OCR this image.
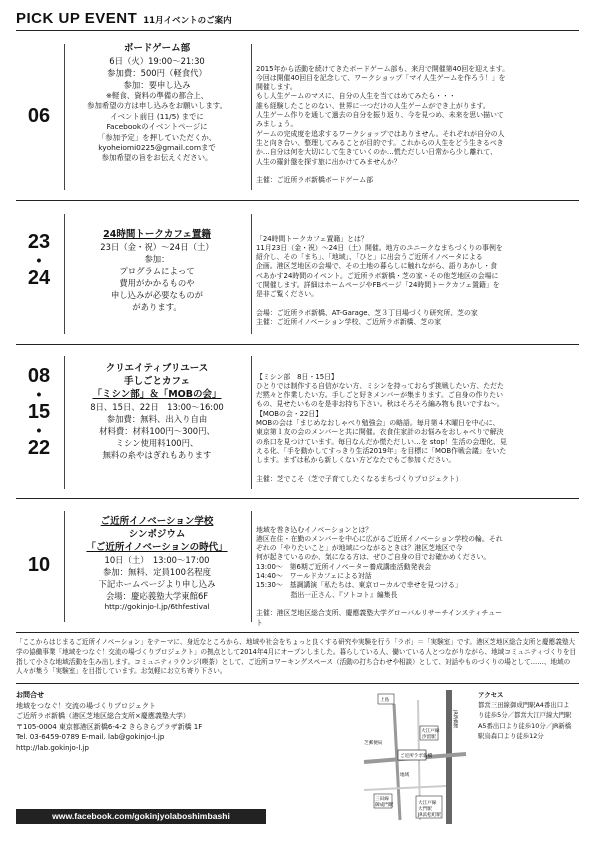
PICK UP EVENT 11月イベントのご案内
06
ボードゲーム部
6日（火）19:00～21:30
参加費：500円（軽食代）
参加：要申し込み
※軽食、資料の準備の都合上、
参加希望の方は申し込みをお願いします。
イベント前日 (11/5) までに
Facebookのイベントページに
「参加予定」を押していただくか、
kyoheiomi0225@gmail.comまで
参加希望の旨をお伝えください。

2015年から活動を続けてきたボードゲーム部も、来月で開催第40回を迎えます。
今回は開催40回目を記念して、ワークショップ「マイ人生ゲームを作ろう！」を
開催します。
もし人生ゲームのマスに、自分の人生を当てはめてみたら・・・
誰も経験したことのない、世界に一つだけの人生ゲームができ上がります。
人生ゲーム作りを通して過去の自分を振り返り、今を見つめ、未来を思い描いて
みましょう。
ゲームの完成度を追求するワークショップではありません。それぞれが自分の人
生と向き合い、整理してみることが目的です。これからの人生をどう生きるべき
か…自分は何を大切にして生きていくのか…慌ただしい日常から少し離れて、
人生の羅針盤を探す旅に出かけてみませんか？

主催：ご近所ラボ新橋ボードゲーム部

23
•
24
24時間トークカフェ置籍
23日（金・祝）～24日（土）
参加：
プログラムによって
費用がかかるものや
申し込みが必要なものが
があります。

「24時間トークカフェ置籍」とは？
11月23日（金・祝）～24日（土）開催。地方のユニークなまちづくりの事例を
紹介し、その「まち」、「地域」、「ひと」に出会うご近所イノベータによる
企画。港区芝地区の会場で、その土地の暮らしに触れながら、語りあかし・食
べあかす24時間のイベント。ご近所ラボ新橋・芝の家・その他芝地区の会場に
て開催します。詳細はホームページやFBページ「24時間トークカフェ置籍」を
是非ご覧ください。

会場：ご近所ラボ新橋、AT-Garage、芝３丁目場づくり研究所、芝の家
主催：ご近所イノベーション学校、ご近所ラボ新橋、芝の家

08
•
15
•
22
クリエイティブリユース
手しごとカフェ
「ミシン部」＆「MOBの会」
8日、15日、22日　13:00～16:00
参加費：無料、出入り自由
材料費：材料100円～300円、
ミシン使用料100円、
無料の糸やはぎれもあります

【ミシン部　8日・15日】
ひとりでは制作する自信がない方、ミシンを持っておらず挑戦したい方、ただた
だ黙々と作業したい方。手しごと好きメンバーが集まります。ご自身の作りたい
もの、見せたいものを是非お持ち下さい。秋はそろそろ編み物も良いですね～。
【MOBの会・22日】
MOBの会は「まじめなおしゃべり勉強会」の略語。毎月第４木曜日を中心に、
東京第１友の会のメンバーと共に開催。衣食住家計のお悩みをおしゃべりで解決
の糸口を見つけています。毎日なんだか慌ただしい…を stop！生活の会理化、見
える化、「手を動かしてすっきり生活2019年」を目標に「MOB作戦会議」をいた
します。まずは私から新しくない方どなたでもご参加ください。

主催：芝でこそ（芝で子育てしたくなるまちづくりプロジェクト）

10
ご近所イノベーション学校
シンポジウム
「ご近所イノベーションの時代」
10日（土）　13:00～17:00
参加：無料、定員100名程度
下記ホームページより申し込み
会場：慶応義塾大学東館6F
http://gokinjo-l.jp/6thfestival

地域を巻き込むイノベーションとは？
港区在住・在勤のメンバーを中心に広がるご近所イノベーション学校の輪。それ
ぞれの「やりたいこと」が地域につながるときは？港区芝地区で今
何が起きているのか、気になる方は、ぜひご自身の目でお確かめください。
13:00～　第6期ご近所イノベーター養成講座活動発表会
14:40～　ワールドカフェによる対話
15:30～　基調講演「私たちは、東京ローカルで幸せを見つける」
　　　　　指出一正さん、『ソトコト』編集長

主催：港区芝地区総合支所、慶應義塾大学グローバルリサーチインスティチュー
ト

「ここからはじまるご近所イノベーション」をテーマに、身近なところから、地域や社会をちょっと良くする研究や実験を行う「ラボ」＝「実験室」です。港区芝地区総合支所と慶應義塾大学の協働事業「地域をつなぐ！交流の場づくりプロジェクト」の拠点として2014年4月にオープンしました。暮らしている人、働いている人とつながりながら、地域コミュニティづくりを目指して小さな地域活動を生み出します。コミュニティラウンジ(喫茶）として、ご近所コワーキングスペース（活動の打ち合わせや相談）として、対話やものづくりの場として……、地域の人々が集う「実験室」を目指しています。お気軽にお立ち寄り下さい。
お問合せ
地域をつなぐ！交流の場づくりプロジェクト
ご近所ラボ新橋（港区芝地区総合支所×慶應義塾大学）
〒105-0004 東京都港区新橋6-4-2 きらきらプラザ新橋 1F
Tel. 03-6459-0789 E-mail. lab@gokinjo-l.jp
http://lab.gokinjo-l.jp
www.facebook.com/gokinjyolaboshimbashi
上島
JR新橋駅
芝郵便局
ご近所ラボ新橋
大江戸線
汐留駅
地域
三田線
御成門駅	大江戸線
大門駅
JR浜松町駅
アクセス
都営三田線御成門駅A4番出口よ
り徒歩5分／都営大江戸線大門駅
A5番出口より徒歩10分／JR新橋
駅烏森口より徒歩12分
